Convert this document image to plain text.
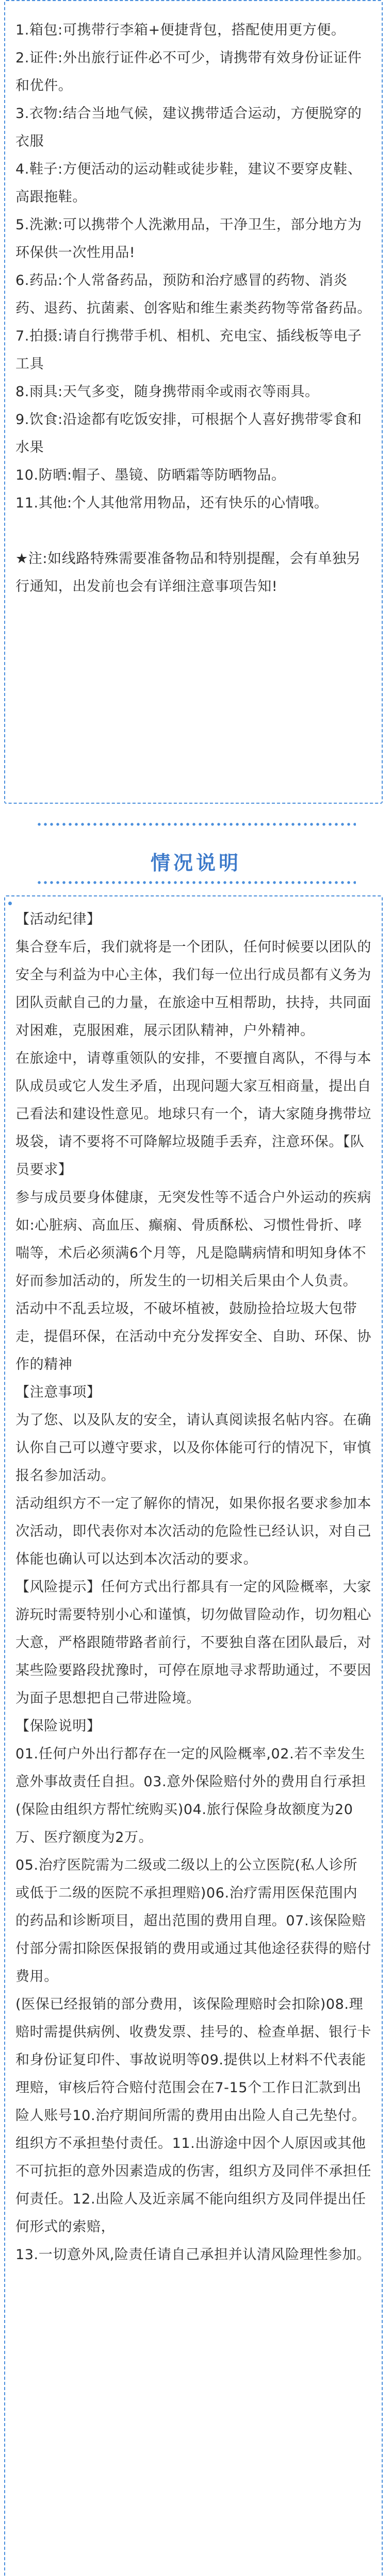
1.箱包:可携带行李箱+便捷背包，搭配使用更方便。

2.证件:外出旅行证件必不可少，请携带有效身份证证件和优件。

3.衣物:结合当地气候，建议携带适合运动，方便脱穿的衣服

4.鞋子:方便活动的运动鞋或徒步鞋，建议不要穿皮鞋、高跟拖鞋。

5.洗漱:可以携带个人洗漱用品，干净卫生，部分地方为环保供一次性用品!

6.药品:个人常备药品，预防和治疗感冒的药物、消炎药、退药、抗菌素、创客贴和维生素类药物等常备药品。

7.拍摄:请自行携带手机、相机、充电宝、插线板等电子工具

8.雨具:天气多变，随身携带雨伞或雨衣等雨具。

9.饮食:沿途都有吃饭安排，可根据个人喜好携带零食和水果

10.防晒:帽子、墨镜、防晒霜等防晒物品。

11.其他:个人其他常用物品，还有快乐的心情哦。

★注:如线路特殊需要准备物品和特别提醒，会有单独另行通知，出发前也会有详细注意事项告知!

情况说明

【活动纪律】

集合登车后，我们就将是一个团队，任何时候要以团队的安全与利益为中心主体，我们每一位出行成员都有义务为团队贡献自己的力量，在旅途中互相帮助，扶持，共同面对困难，克服困难，展示团队精神，户外精神。

在旅途中，请尊重领队的安排，不要擅自离队，不得与本队成员或它人发生矛盾，出现问题大家互相商量，提出自己看法和建设性意见。地球只有一个，请大家随身携带垃圾袋，请不要将不可降解垃圾随手丢弃，注意环保。【队员要求】

参与成员要身体健康，无突发性等不适合户外运动的疾病如:心脏病、高血压、癫痫、骨质酥松、习惯性骨折、哮喘等，术后必须满6个月等，凡是隐瞒病情和明知身体不好而参加活动的，所发生的一切相关后果由个人负责。

活动中不乱丢垃圾，不破坏植被，鼓励捡拾垃圾大包带走，提倡环保，在活动中充分发挥安全、自助、环保、协作的精神

【注意事项】

为了您、以及队友的安全，请认真阅读报名帖内容。在确认你自己可以遵守要求，以及你体能可行的情况下，审慎报名参加活动。

活动组织方不一定了解你的情况，如果你报名要求参加本次活动，即代表你对本次活动的危险性已经认识，对自己体能也确认可以达到本次活动的要求。

【风险提示】任何方式出行都具有一定的风险概率，大家游玩时需要特别小心和谨慎，切勿做冒险动作，切勿粗心大意，严格跟随带路者前行，不要独自落在团队最后，对某些险要路段扰豫时，可停在原地寻求帮助通过，不要因为面子思想把自己带进险境。

【保险说明】

01.任何户外出行都存在一定的风险概率,02.若不幸发生意外事故责任自担。03.意外保险赔付外的费用自行承担(保险由组织方帮忙统购买)04.旅行保险身故额度为20万、医疗额度为2万。

05.治疗医院需为二级或二级以上的公立医院(私人诊所或低于二级的医院不承担理赔)06.治疗需用医保范围内的药品和诊断项目，超出范围的费用自理。07.该保险赔付部分需扣除医保报销的费用或通过其他途径获得的赔付费用。

(医保已经报销的部分费用，该保险理赔时会扣除)08.理赔时需提供病例、收费发票、挂号的、检查单据、银行卡和身份证复印件、事故说明等09.提供以上材料不代表能理赔，审核后符合赔付范围会在7-15个工作日汇款到出险人账号10.治疗期间所需的费用由出险人自己先垫付。组织方不承担垫付责任。11.出游途中因个人原因或其他不可抗拒的意外因素造成的伤害，组织方及同伴不承担任何责任。12.出险人及近亲属不能向组织方及同伴提出任何形式的索赔，

13.一切意外风,险责任请自己承担并认清风险理性参加。
